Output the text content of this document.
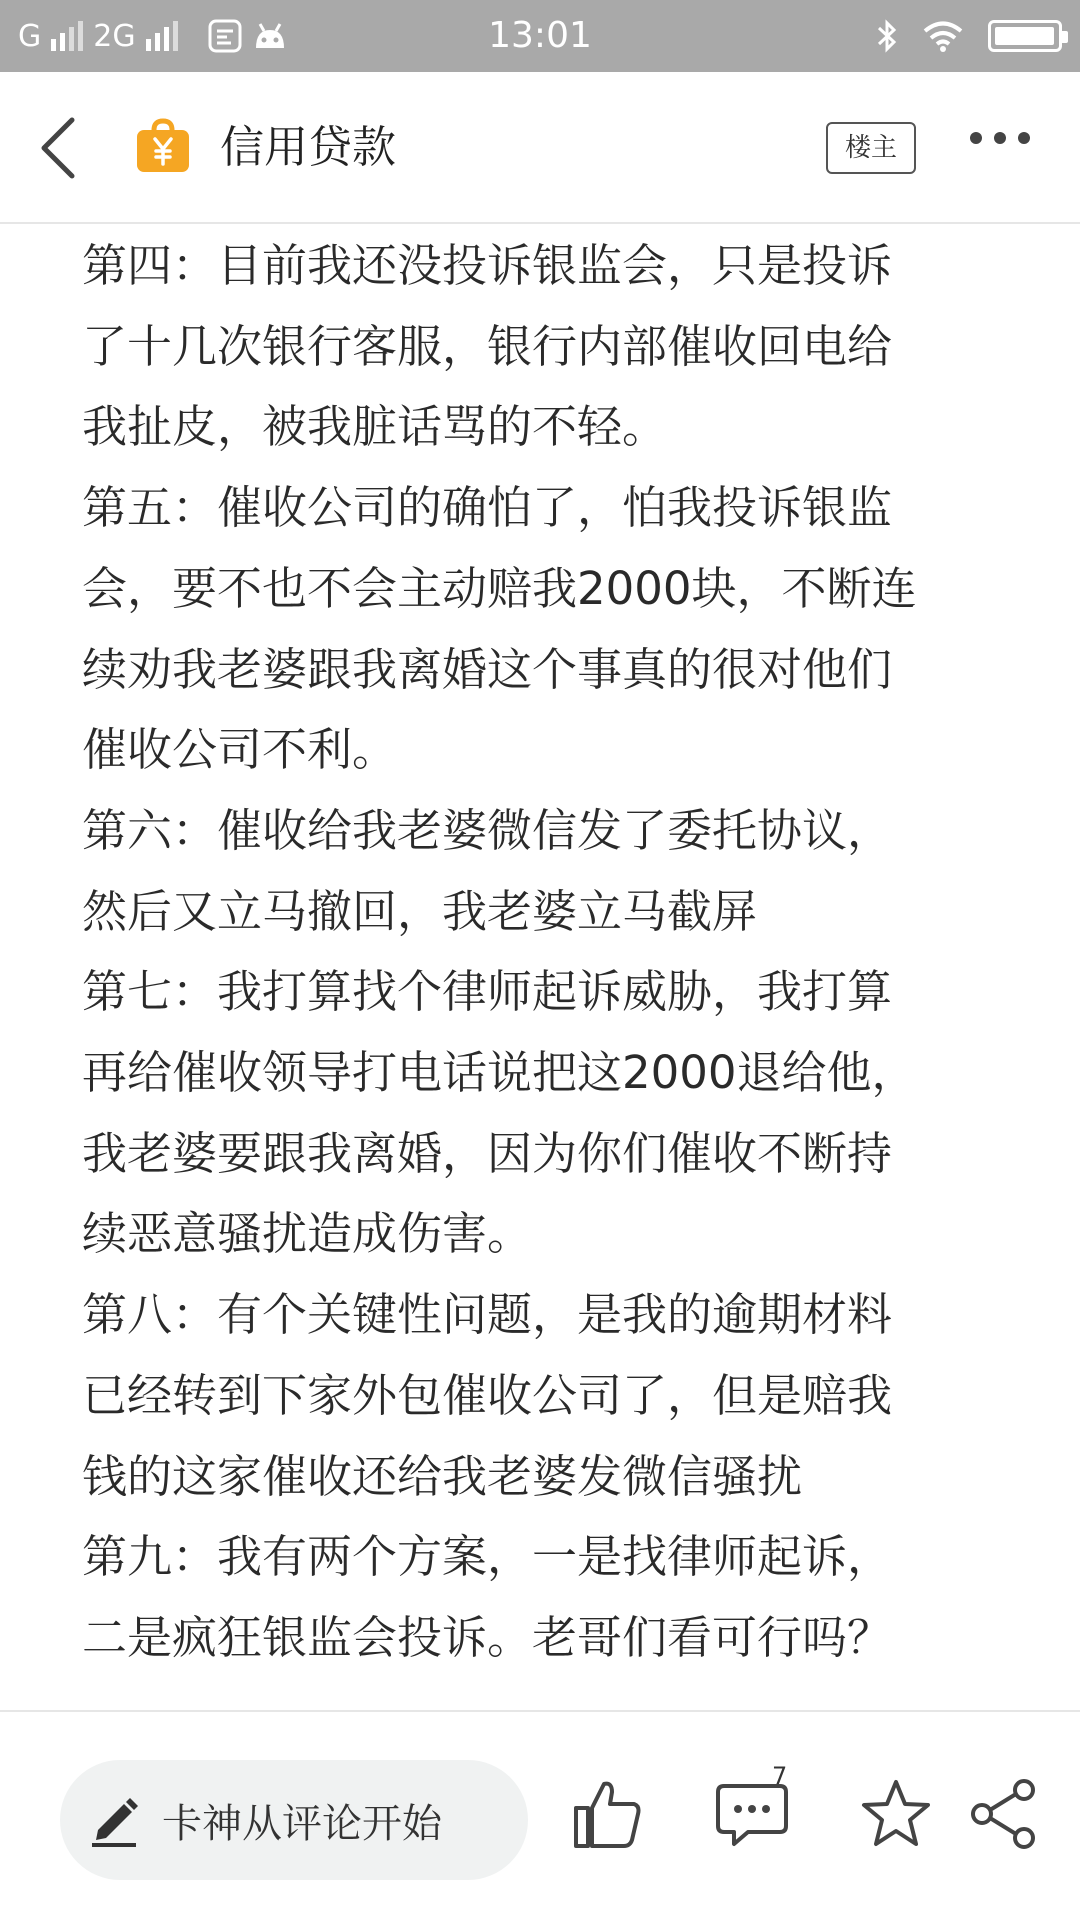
G 2G	13:01
信用贷款	楼主

第四：目前我还没投诉银监会，只是投诉

了十几次银行客服，银行内部催收回电给

我扯皮，被我脏话骂的不轻。

第五：催收公司的确怕了，怕我投诉银监

会，要不也不会主动赔我2000块，不断连

续劝我老婆跟我离婚这个事真的很对他们

催收公司不利。

第六：催收给我老婆微信发了委托协议，

然后又立马撤回，我老婆立马截屏

第七：我打算找个律师起诉威胁，我打算

再给催收领导打电话说把这2000退给他，

我老婆要跟我离婚，因为你们催收不断持

续恶意骚扰造成伤害。

第八：有个关键性问题，是我的逾期材料

已经转到下家外包催收公司了，但是赔我

钱的这家催收还给我老婆发微信骚扰

第九：我有两个方案，一是找律师起诉，

二是疯狂银监会投诉。老哥们看可行吗？

卡神从评论开始
7
